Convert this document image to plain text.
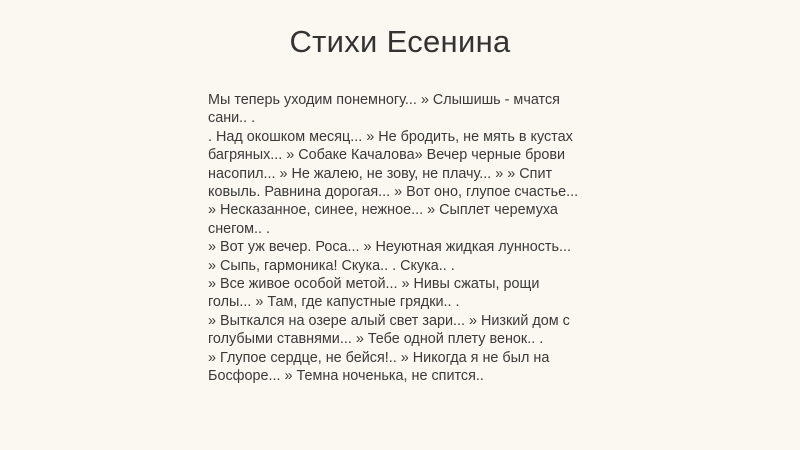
Стихи Есенина
Мы теперь уходим понемногу... » Слышишь - мчатся
сани.. .
. Над окошком месяц... » Не бродить, не мять в кустах
багряных... » Собаке Качалова» Вечер черные брови
насопил... » Не жалею, не зову, не плачу... » » Спит
ковыль. Равнина дорогая... » Вот оно, глупое счастье...
» Несказанное, синее, нежное... » Сыплет черемуха
снегом.. .
» Вот уж вечер. Роса... » Неуютная жидкая лунность...
» Сыпь, гармоника! Скука.. . Скука.. .
» Все живое особой метой... » Нивы сжаты, рощи
голы... » Там, где капустные грядки.. .
» Выткался на озере алый свет зари... » Низкий дом с
голубыми ставнями... » Тебе одной плету венок.. .
» Глупое сердце, не бейся!.. » Никогда я не был на
Босфоре... » Темна ноченька, не спится..
